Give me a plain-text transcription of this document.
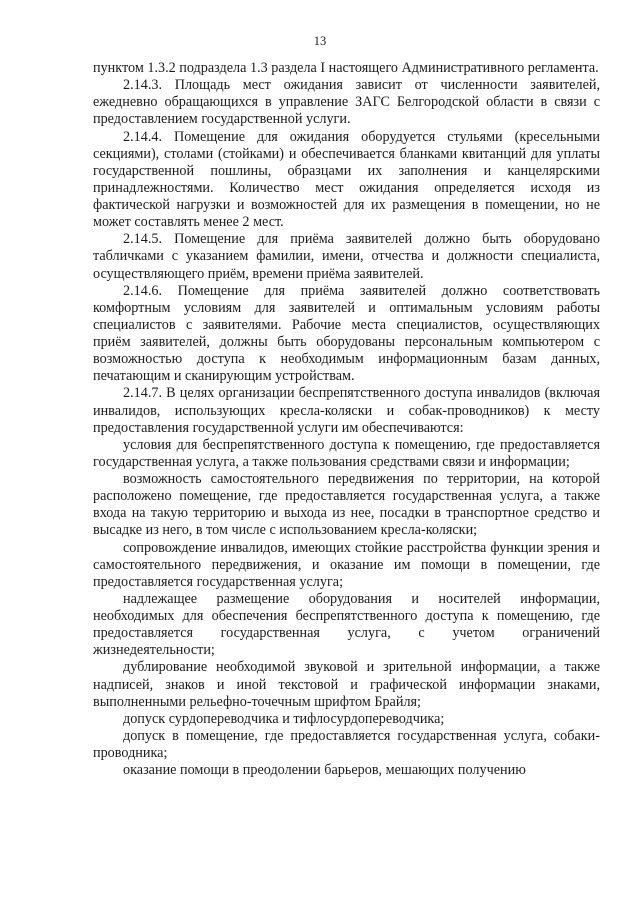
13

пунктом 1.3.2 подраздела 1.3 раздела I настоящего Административного регламента.

2.14.3. Площадь мест ожидания зависит от численности заявителей, ежедневно обращающихся в управление ЗАГС Белгородской области в связи с предоставлением государственной услуги.

2.14.4. Помещение для ожидания оборудуется стульями (кресельными секциями), столами (стойками) и обеспечивается бланками квитанций для уплаты государственной пошлины, образцами их заполнения и канцелярскими принадлежностями. Количество мест ожидания определяется исходя из фактической нагрузки и возможностей для их размещения в помещении, но не может составлять менее 2 мест.

2.14.5. Помещение для приёма заявителей должно быть оборудовано табличками с указанием фамилии, имени, отчества и должности специалиста, осуществляющего приём, времени приёма заявителей.

2.14.6. Помещение для приёма заявителей должно соответствовать комфортным условиям для заявителей и оптимальным условиям работы специалистов с заявителями. Рабочие места специалистов, осуществляющих приём заявителей, должны быть оборудованы персональным компьютером с возможностью доступа к необходимым информационным базам данных, печатающим и сканирующим устройствам.

2.14.7. В целях организации беспрепятственного доступа инвалидов (включая инвалидов, использующих кресла-коляски и собак-проводников) к месту предоставления государственной услуги им обеспечиваются:

условия для беспрепятственного доступа к помещению, где предоставляется государственная услуга, а также пользования средствами связи и информации;

возможность самостоятельного передвижения по территории, на которой расположено помещение, где предоставляется государственная услуга, а также входа на такую территорию и выхода из нее, посадки в транспортное средство и высадке из него, в том числе с использованием кресла-коляски;

сопровождение инвалидов, имеющих стойкие расстройства функции зрения и самостоятельного передвижения, и оказание им помощи в помещении, где предоставляется государственная услуга;

надлежащее размещение оборудования и носителей информации, необходимых для обеспечения беспрепятственного доступа к помещению, где предоставляется государственная услуга, с учетом ограничений жизнедеятельности;

дублирование необходимой звуковой и зрительной информации, а также надписей, знаков и иной текстовой и графической информации знаками, выполненными рельефно-точечным шрифтом Брайля;

допуск сурдопереводчика и тифлосурдопереводчика;

допуск в помещение, где предоставляется государственная услуга, собаки-проводника;

оказание помощи в преодолении барьеров, мешающих получению
